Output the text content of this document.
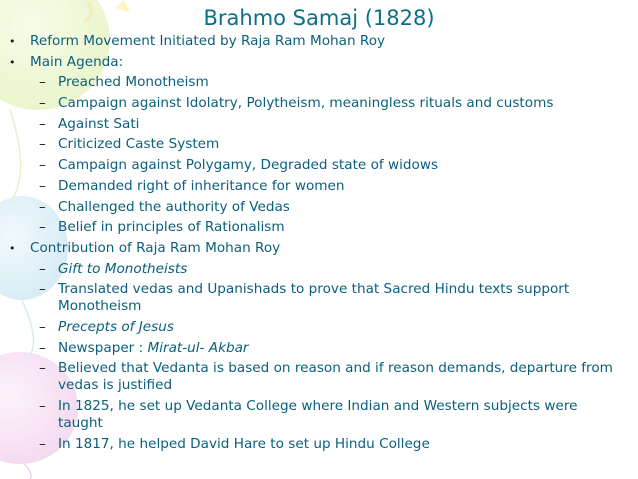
Brahmo Samaj (1828)
• Reform Movement Initiated by Raja Ram Mohan Roy
• Main Agenda:
– Preached Monotheism
– Campaign against Idolatry, Polytheism, meaningless rituals and customs
– Against Sati
– Criticized Caste System
– Campaign against Polygamy, Degraded state of widows
– Demanded right of inheritance for women
– Challenged the authority of Vedas
– Belief in principles of Rationalism
• Contribution of Raja Ram Mohan Roy
– Gift to Monotheists
– Translated vedas and Upanishads to prove that Sacred Hindu texts support Monotheism
– Precepts of Jesus
– Newspaper : Mirat-ul- Akbar
– Believed that Vedanta is based on reason and if reason demands, departure from vedas is justified
– In 1825, he set up Vedanta College where Indian and Western subjects were taught
– In 1817, he helped David Hare to set up Hindu College
